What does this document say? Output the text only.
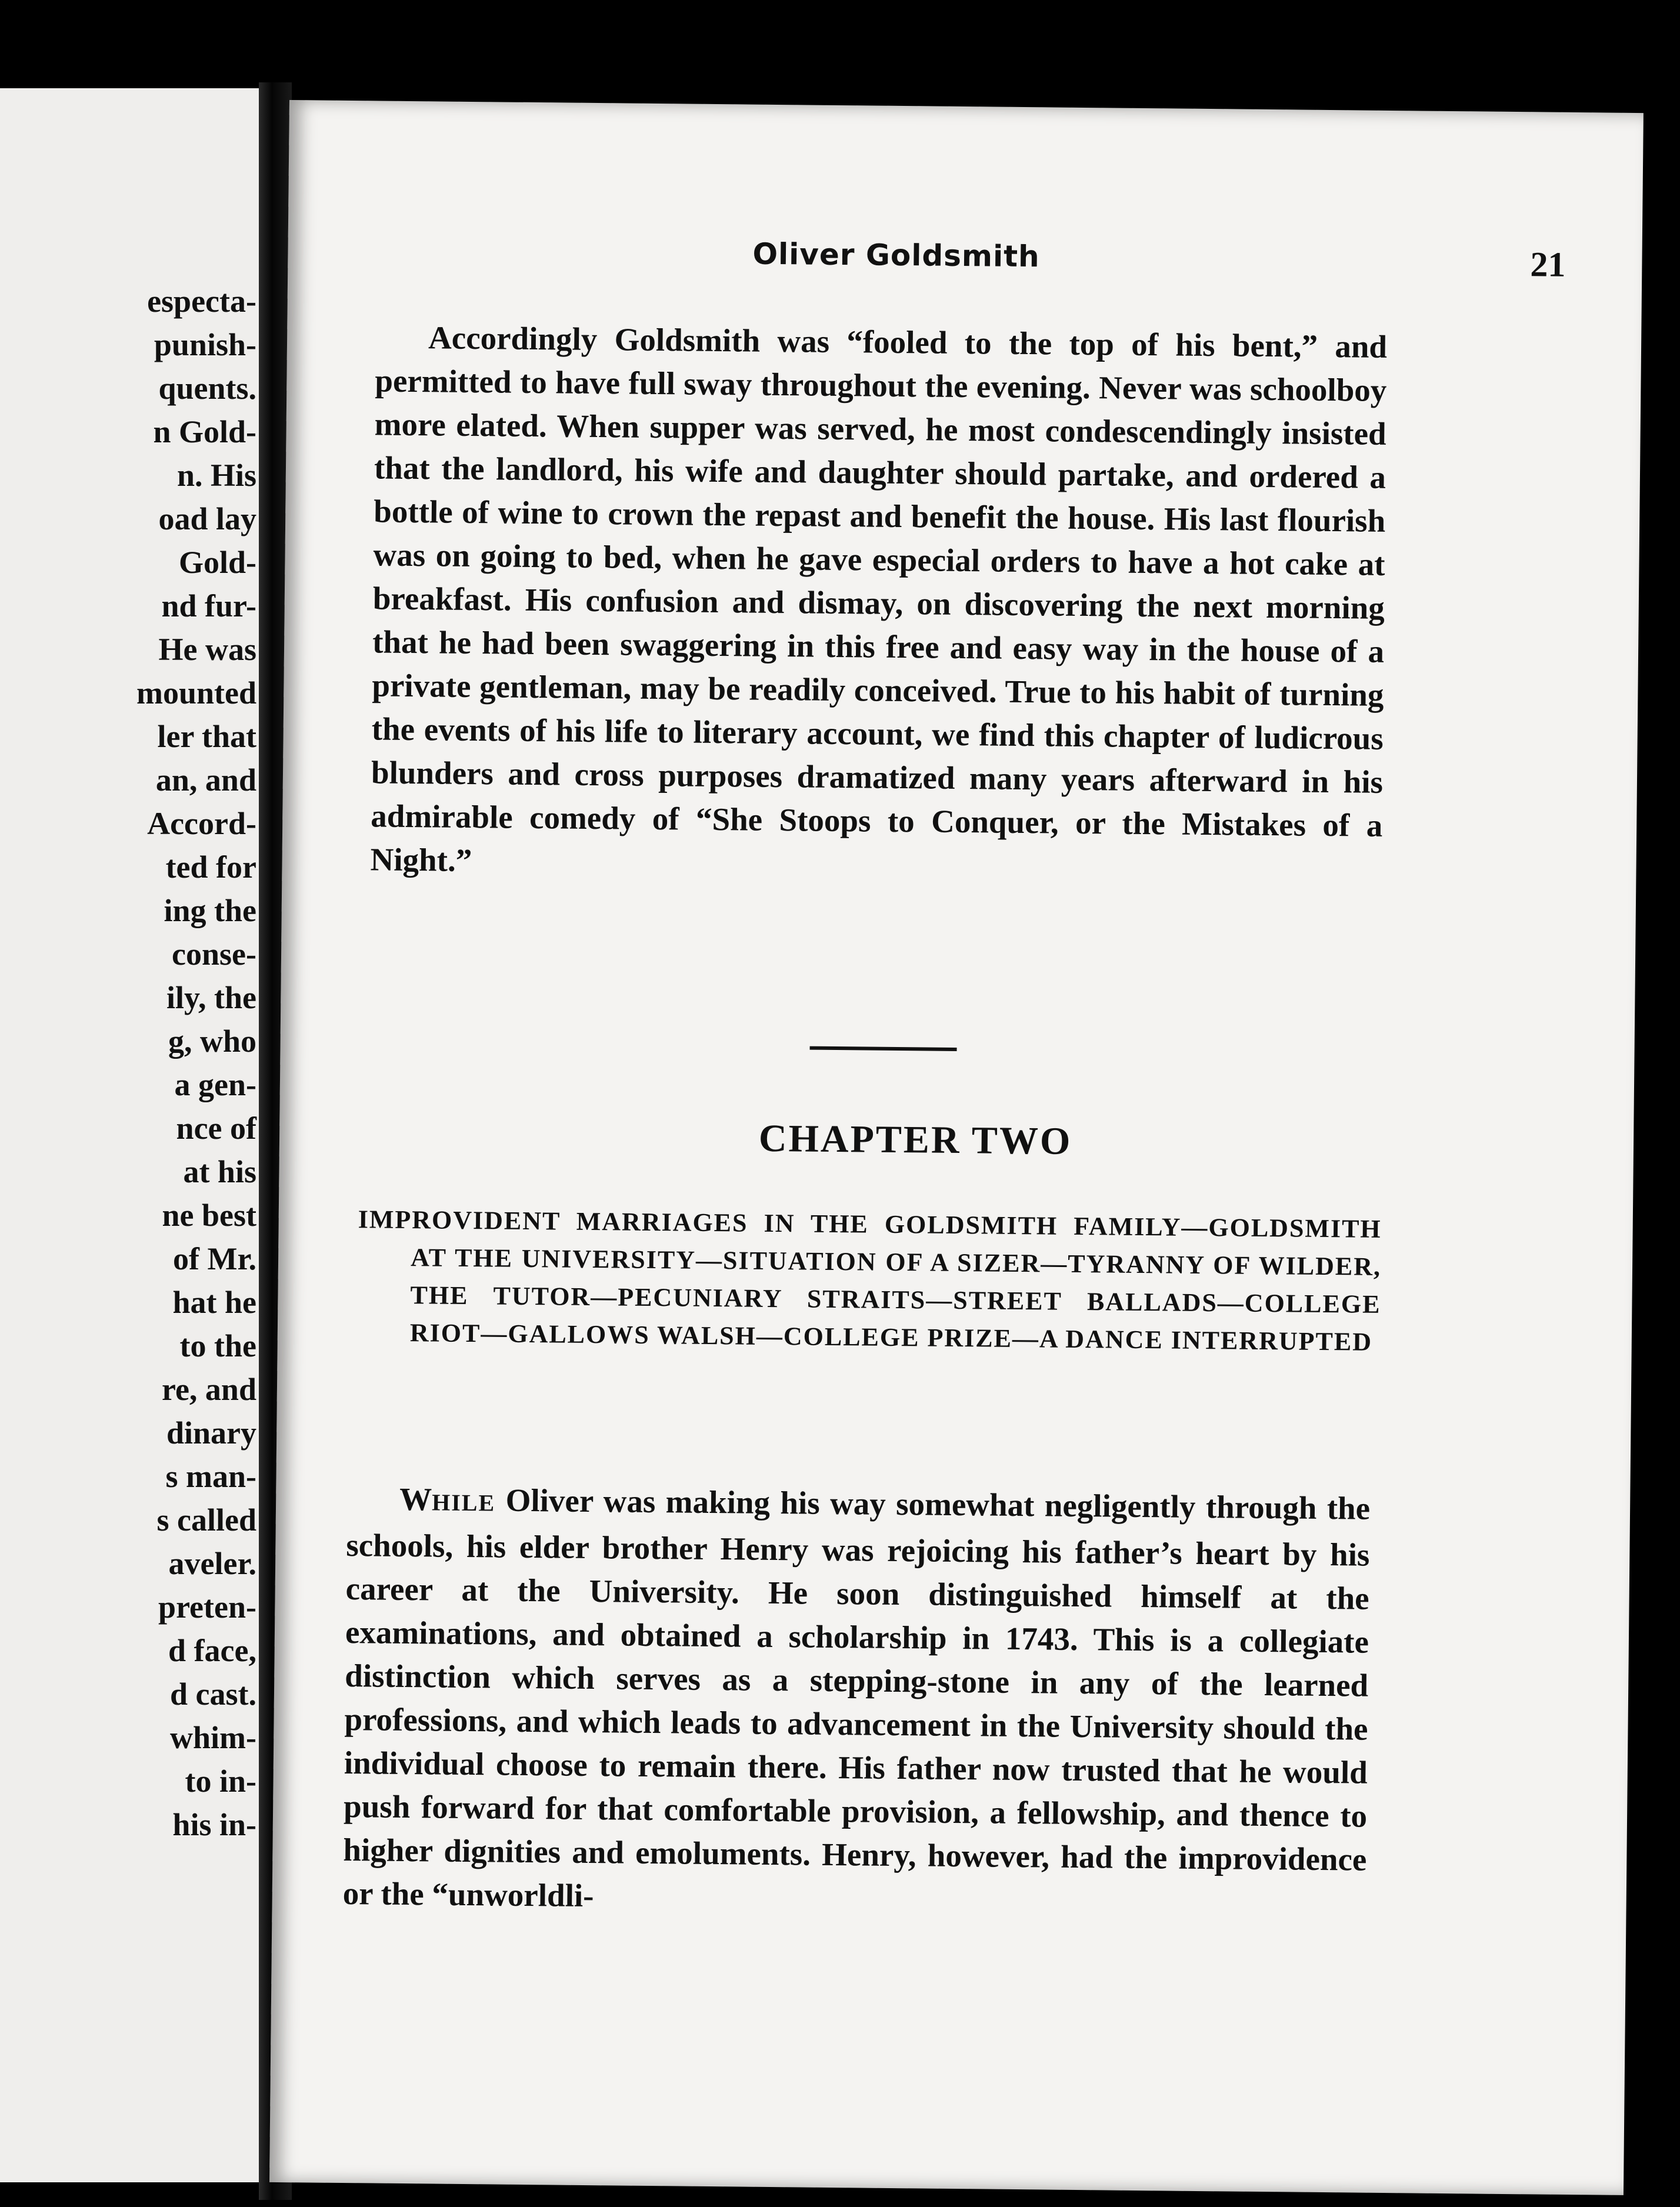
especta-
punish-
quents.
n Gold-
n. His
oad lay
Gold-
nd fur-
He was
mounted
ler that
an, and
Accord-
ted for
ing the
conse-
ily, the
g, who
a gen-
nce of
at his
ne best
of Mr.
hat he
to the
re, and
dinary
s man-
s called
aveler.
preten-
d face,
d cast.
whim-
to in-
his in-
Oliver Goldsmith	21

Accordingly Goldsmith was “fooled to the top of his bent,” and permitted to have full sway throughout the evening. Never was schoolboy more elated. When supper was served, he most condescendingly insisted that the landlord, his wife and daughter should partake, and ordered a bottle of wine to crown the repast and benefit the house. His last flourish was on going to bed, when he gave especial orders to have a hot cake at breakfast. His confusion and dismay, on discovering the next morning that he had been swaggering in this free and easy way in the house of a private gentleman, may be readily conceived. True to his habit of turning the events of his life to literary account, we find this chapter of ludicrous blunders and cross purposes dramatized many years afterward in his admirable comedy of “She Stoops to Conquer, or the Mistakes of a Night.”

CHAPTER TWO

IMPROVIDENT MARRIAGES IN THE GOLDSMITH FAMILY—GOLDSMITH AT THE UNIVERSITY—SITUATION OF A SIZER—TYRANNY OF WILDER, THE TUTOR—PECUNIARY STRAITS—STREET BALLADS—COLLEGE RIOT—GALLOWS WALSH—COLLEGE PRIZE—A DANCE INTERRUPTED

WHILE Oliver was making his way somewhat negligently through the schools, his elder brother Henry was rejoicing his father’s heart by his career at the University. He soon distinguished himself at the examinations, and obtained a scholarship in 1743. This is a collegiate distinction which serves as a stepping-stone in any of the learned professions, and which leads to advancement in the University should the individual choose to remain there. His father now trusted that he would push forward for that comfortable provision, a fellowship, and thence to higher dignities and emoluments. Henry, however, had the improvidence or the “unworldli-
